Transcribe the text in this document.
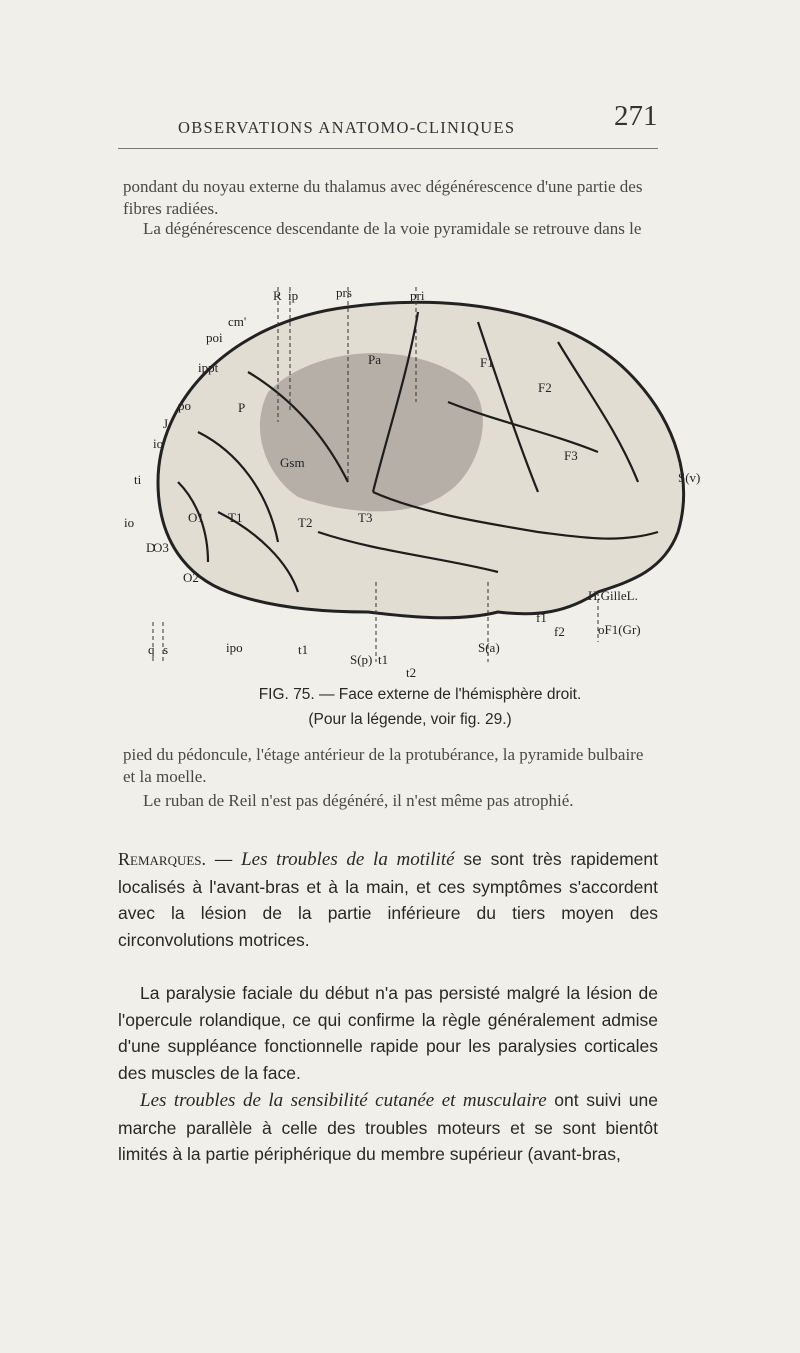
271
OBSERVATIONS ANATOMO-CLINIQUES

pondant du noyau externe du thalamus avec dégénérescence d'une partie des

fibres radiées.

La dégénérescence descendante de la voie pyramidale se retrouve dans le

R ip	prs	pri
cm'
poi
ippt
po
J
io
ti
io
D
Gsm
Pa
P
T1	T2	T3
F1
F2
F3
O1
O2
O3
S(v)
H.GilleL.
q s	ipo	t1
S(p) t1
t2
S(a)
f1
f2	oF1(Gr)
FIG. 75. — Face externe de l'hémisphère droit.
(Pour la légende, voir fig. 29.)

pied du pédoncule, l'étage antérieur de la protubérance, la pyramide bulbaire

et la moelle.

Le ruban de Reil n'est pas dégénéré, il n'est même pas atrophié.

Remarques. — Les troubles de la motilité se sont très rapidement localisés à l'avant-bras et à la main, et ces symptômes s'accordent avec la lésion de la partie inférieure du tiers moyen des circonvolutions motrices.

La paralysie faciale du début n'a pas persisté malgré la lésion de l'opercule rolandique, ce qui confirme la règle généralement admise d'une suppléance fonctionnelle rapide pour les paralysies corticales des muscles de la face.

Les troubles de la sensibilité cutanée et musculaire ont suivi une marche parallèle à celle des troubles moteurs et se sont bientôt limités à la partie périphérique du membre supérieur (avant-bras,
